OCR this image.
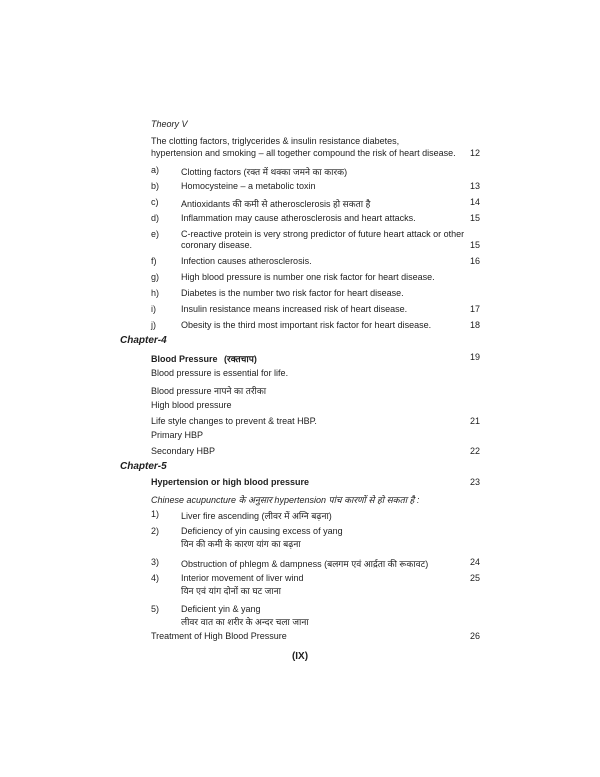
Theory V
The clotting factors, triglycerides & insulin resistance diabetes,
hypertension and smoking – all together compound the risk of heart disease.	12
a) Clotting factors (रक्त में थक्का जमने का कारक)
b) Homocysteine – a metabolic toxin	13
c)	Antioxidants की कमी से atherosclerosis हो सकता है	14
d) Inflammation may cause atherosclerosis and heart attacks.	15
e) C-reactive protein is very strong predictor of future heart attack or other
coronary disease.	15
f)	Infection causes atherosclerosis.	16
g) High blood pressure is number one risk factor for heart disease.
h) Diabetes is the number two risk factor for heart disease.
i)	Insulin resistance means increased risk of heart disease.	17
j)	Obesity is the third most important risk factor for heart disease.	18
Chapter-4
Blood Pressure (रक्तचाप)	19
Blood pressure is essential for life.
Blood pressure नापने का तरीका
High blood pressure
Life style changes to prevent & treat HBP.	21
Primary HBP
Secondary HBP	22
Chapter-5
Hypertension or high blood pressure	23
Chinese acupuncture के अनुसार hypertension पांच कारणों से हो सकता है :
1) Liver fire ascending (लीवर में अग्नि बढ़ना)
2) Deficiency of yin causing excess of yang
यिन की कमी के कारण यांग का बढ़ना
3) Obstruction of phlegm & dampness (बलगम एवं आर्द्रता की रूकावट)	24
4) Interior movement of liver wind	25
यिन एवं यांग दोनों का घट जाना
5) Deficient yin & yang
लीवर वात का शरीर के अन्दर चला जाना
Treatment of High Blood Pressure	26
(IX)
